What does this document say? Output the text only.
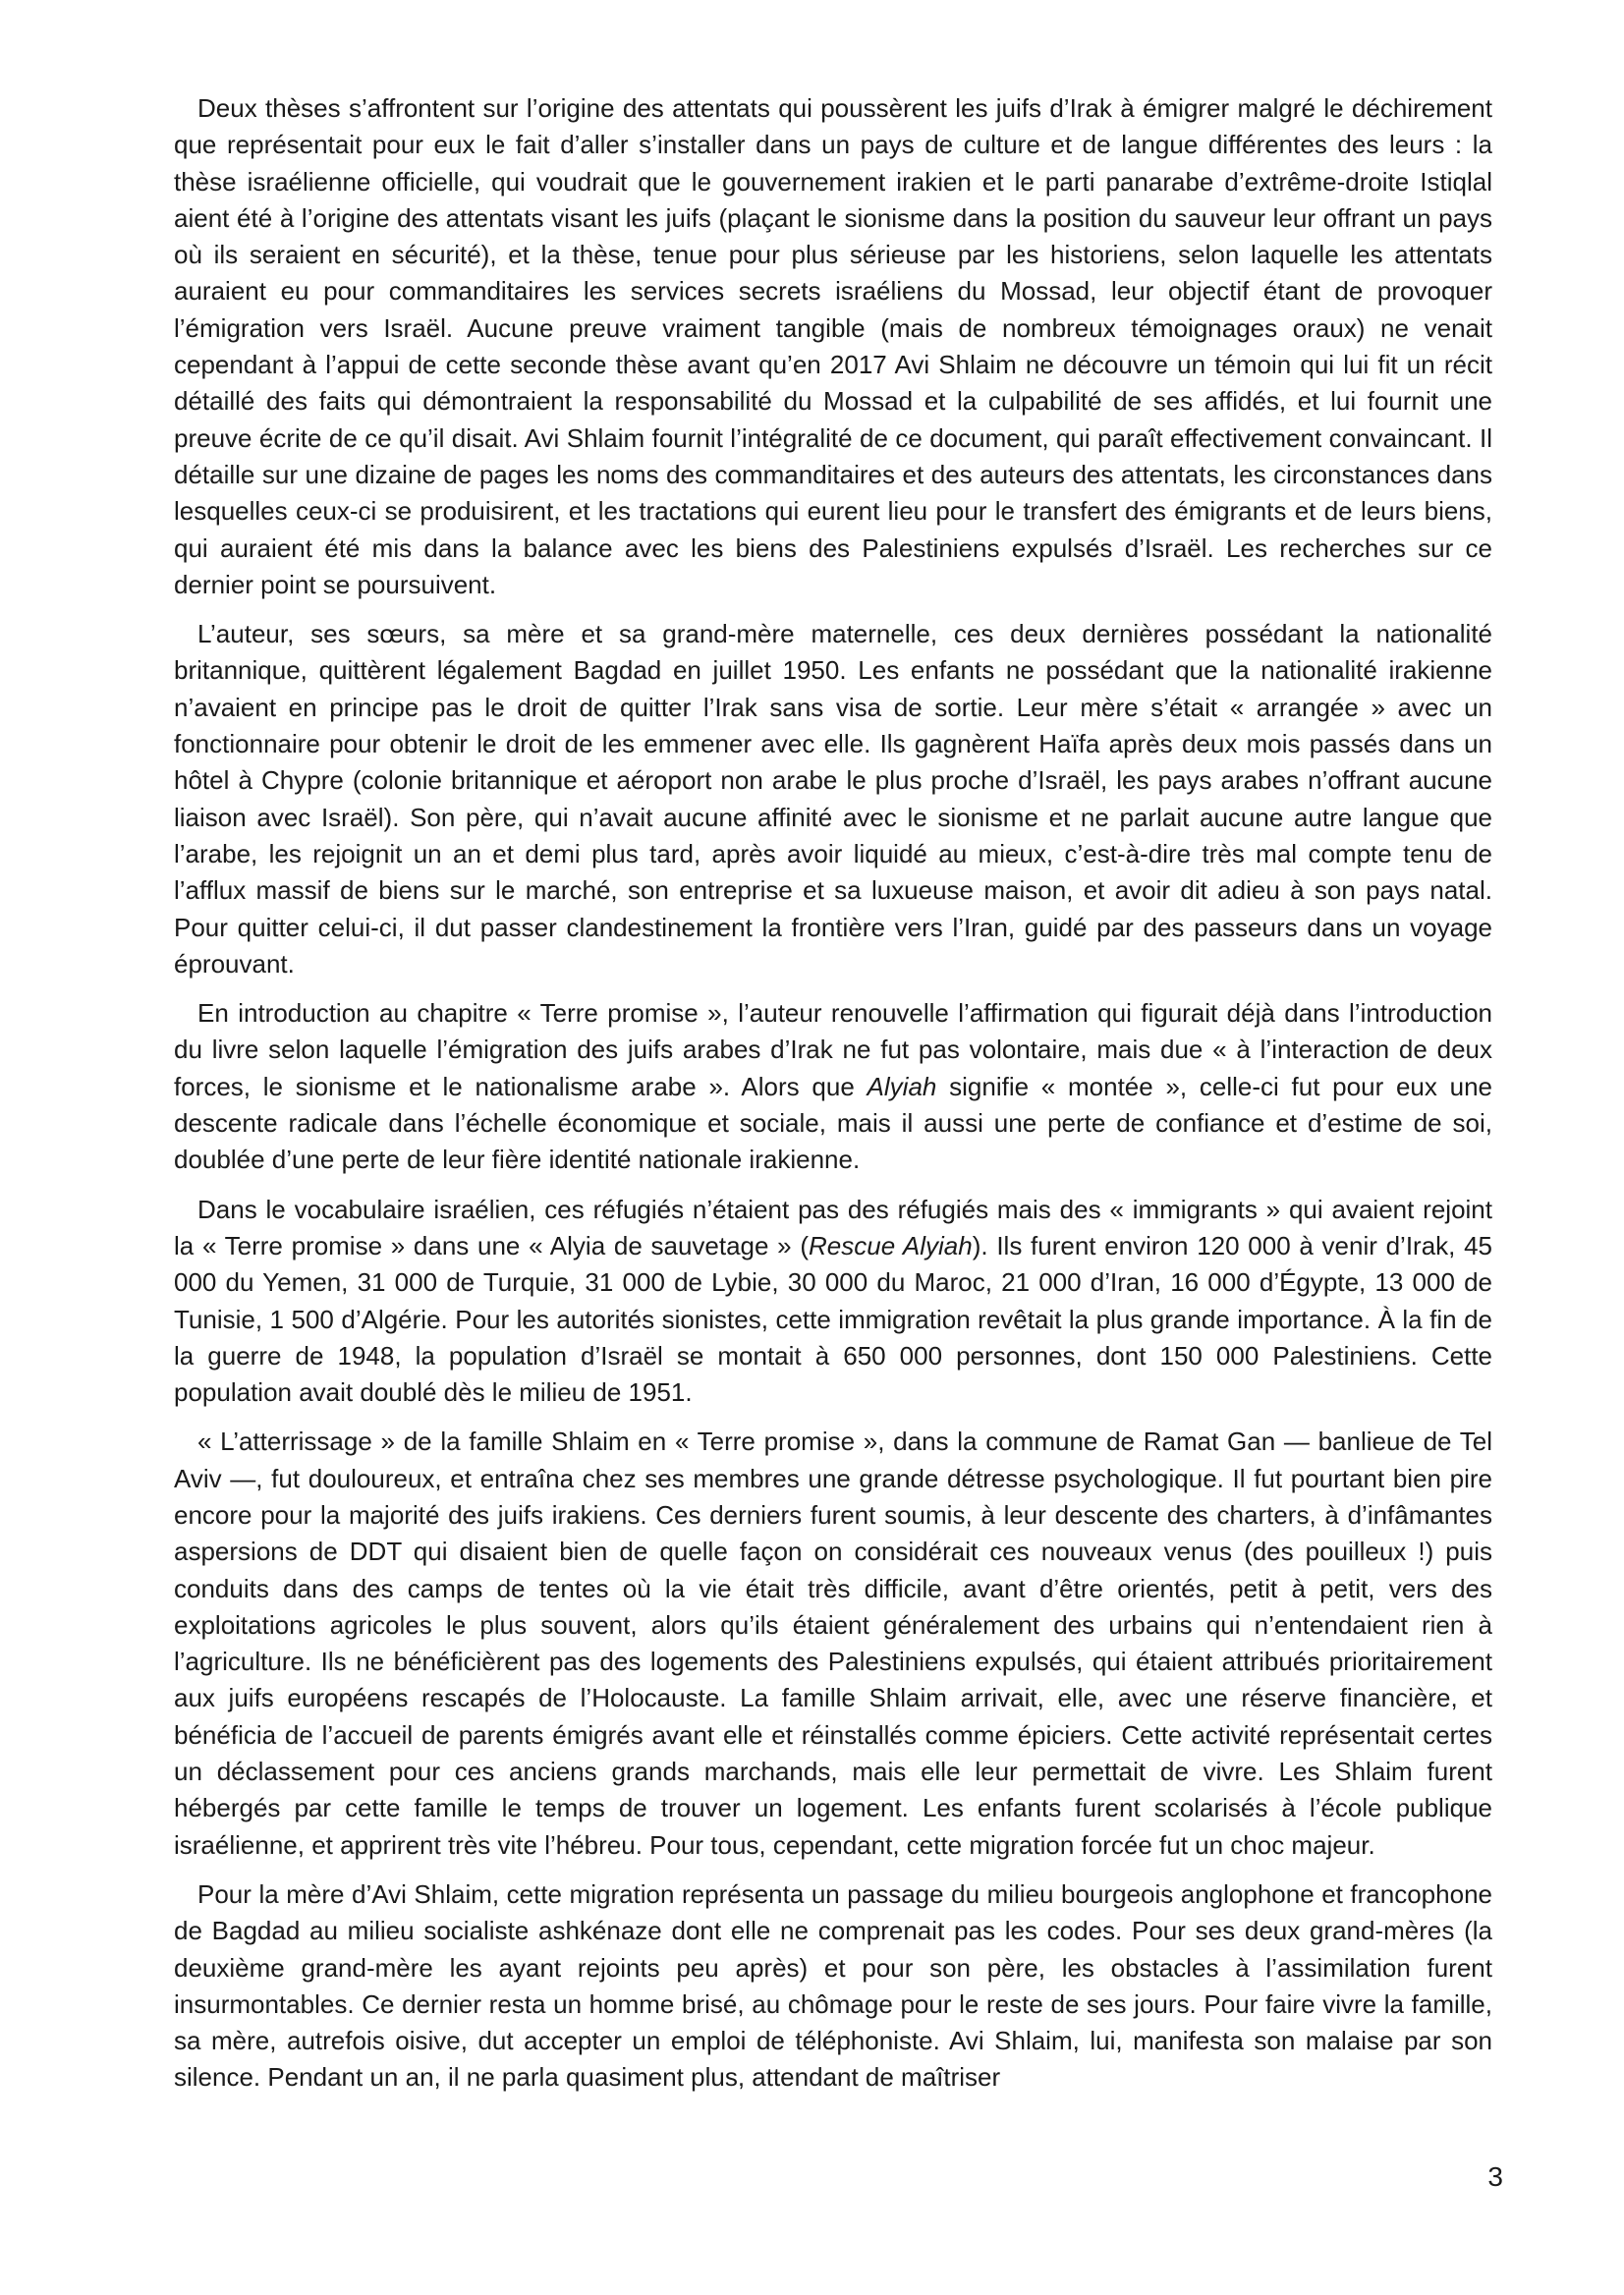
Deux thèses s’affrontent sur l’origine des attentats qui poussèrent les juifs d’Irak à émigrer malgré le déchirement que représentait pour eux le fait d’aller s’installer dans un pays de culture et de langue différentes des leurs : la thèse israélienne officielle, qui voudrait que le gouvernement irakien et le parti panarabe d’extrême-droite Istiqlal aient été à l’origine des attentats visant les juifs (plaçant le sionisme dans la position du sauveur leur offrant un pays où ils seraient en sécurité), et la thèse, tenue pour plus sérieuse par les historiens, selon laquelle les attentats auraient eu pour commanditaires les services secrets israéliens du Mossad, leur objectif étant de provoquer l’émigration vers Israël. Aucune preuve vraiment tangible (mais de nombreux témoignages oraux) ne venait cependant à l’appui de cette seconde thèse avant qu’en 2017 Avi Shlaim ne découvre un témoin qui lui fit un récit détaillé des faits qui démontraient la responsabilité du Mossad et la culpabilité de ses affidés, et lui fournit une preuve écrite de ce qu’il disait. Avi Shlaim fournit l’intégralité de ce document, qui paraît effectivement convaincant. Il détaille sur une dizaine de pages les noms des commanditaires et des auteurs des attentats, les circonstances dans lesquelles ceux-ci se produisirent, et les tractations qui eurent lieu pour le transfert des émigrants et de leurs biens, qui auraient été mis dans la balance avec les biens des Palestiniens expulsés d’Israël. Les recherches sur ce dernier point se poursuivent.

L’auteur, ses sœurs, sa mère et sa grand-mère maternelle, ces deux dernières possédant la nationalité britannique, quittèrent légalement Bagdad en juillet 1950. Les enfants ne possédant que la nationalité irakienne n’avaient en principe pas le droit de quitter l’Irak sans visa de sortie. Leur mère s’était « arrangée » avec un fonctionnaire pour obtenir le droit de les emmener avec elle. Ils gagnèrent Haïfa après deux mois passés dans un hôtel à Chypre (colonie britannique et aéroport non arabe le plus proche d’Israël, les pays arabes n’offrant aucune liaison avec Israël). Son père, qui n’avait aucune affinité avec le sionisme et ne parlait aucune autre langue que l’arabe, les rejoignit un an et demi plus tard, après avoir liquidé au mieux, c’est-à-dire très mal compte tenu de l’afflux massif de biens sur le marché, son entreprise et sa luxueuse maison, et avoir dit adieu à son pays natal. Pour quitter celui-ci, il dut passer clandestinement la frontière vers l’Iran, guidé par des passeurs dans un voyage éprouvant.

En introduction au chapitre « Terre promise », l’auteur renouvelle l’affirmation qui figurait déjà dans l’introduction du livre selon laquelle l’émigration des juifs arabes d’Irak ne fut pas volontaire, mais due « à l’interaction de deux forces, le sionisme et le nationalisme arabe ». Alors que Alyiah signifie « montée », celle-ci fut pour eux une descente radicale dans l’échelle économique et sociale, mais il aussi une perte de confiance et d’estime de soi, doublée d’une perte de leur fière identité nationale irakienne.

Dans le vocabulaire israélien, ces réfugiés n’étaient pas des réfugiés mais des « immigrants » qui avaient rejoint la « Terre promise » dans une « Alyia de sauvetage » (Rescue Alyiah). Ils furent environ 120 000 à venir d’Irak, 45 000 du Yemen, 31 000 de Turquie, 31 000 de Lybie, 30 000 du Maroc, 21 000 d’Iran, 16 000 d’Égypte, 13 000 de Tunisie, 1 500 d’Algérie. Pour les autorités sionistes, cette immigration revêtait la plus grande importance. À la fin de la guerre de 1948, la population d’Israël se montait à 650 000 personnes, dont 150 000 Palestiniens. Cette population avait doublé dès le milieu de 1951.

« L’atterrissage » de la famille Shlaim en « Terre promise », dans la commune de Ramat Gan — banlieue de Tel Aviv —, fut douloureux, et entraîna chez ses membres une grande détresse psychologique. Il fut pourtant bien pire encore pour la majorité des juifs irakiens. Ces derniers furent soumis, à leur descente des charters, à d’infâmantes aspersions de DDT qui disaient bien de quelle façon on considérait ces nouveaux venus (des pouilleux !) puis conduits dans des camps de tentes où la vie était très difficile, avant d’être orientés, petit à petit, vers des exploitations agricoles le plus souvent, alors qu’ils étaient généralement des urbains qui n’entendaient rien à l’agriculture. Ils ne bénéficièrent pas des logements des Palestiniens expulsés, qui étaient attribués prioritairement aux juifs européens rescapés de l’Holocauste. La famille Shlaim arrivait, elle, avec une réserve financière, et bénéficia de l’accueil de parents émigrés avant elle et réinstallés comme épiciers. Cette activité représentait certes un déclassement pour ces anciens grands marchands, mais elle leur permettait de vivre. Les Shlaim furent hébergés par cette famille le temps de trouver un logement. Les enfants furent scolarisés à l’école publique israélienne, et apprirent très vite l’hébreu. Pour tous, cependant, cette migration forcée fut un choc majeur.

Pour la mère d’Avi Shlaim, cette migration représenta un passage du milieu bourgeois anglophone et francophone de Bagdad au milieu socialiste ashkénaze dont elle ne comprenait pas les codes. Pour ses deux grand-mères (la deuxième grand-mère les ayant rejoints peu après) et pour son père, les obstacles à l’assimilation furent insurmontables. Ce dernier resta un homme brisé, au chômage pour le reste de ses jours. Pour faire vivre la famille, sa mère, autrefois oisive, dut accepter un emploi de téléphoniste. Avi Shlaim, lui, manifesta son malaise par son silence. Pendant un an, il ne parla quasiment plus, attendant de maîtriser

3
